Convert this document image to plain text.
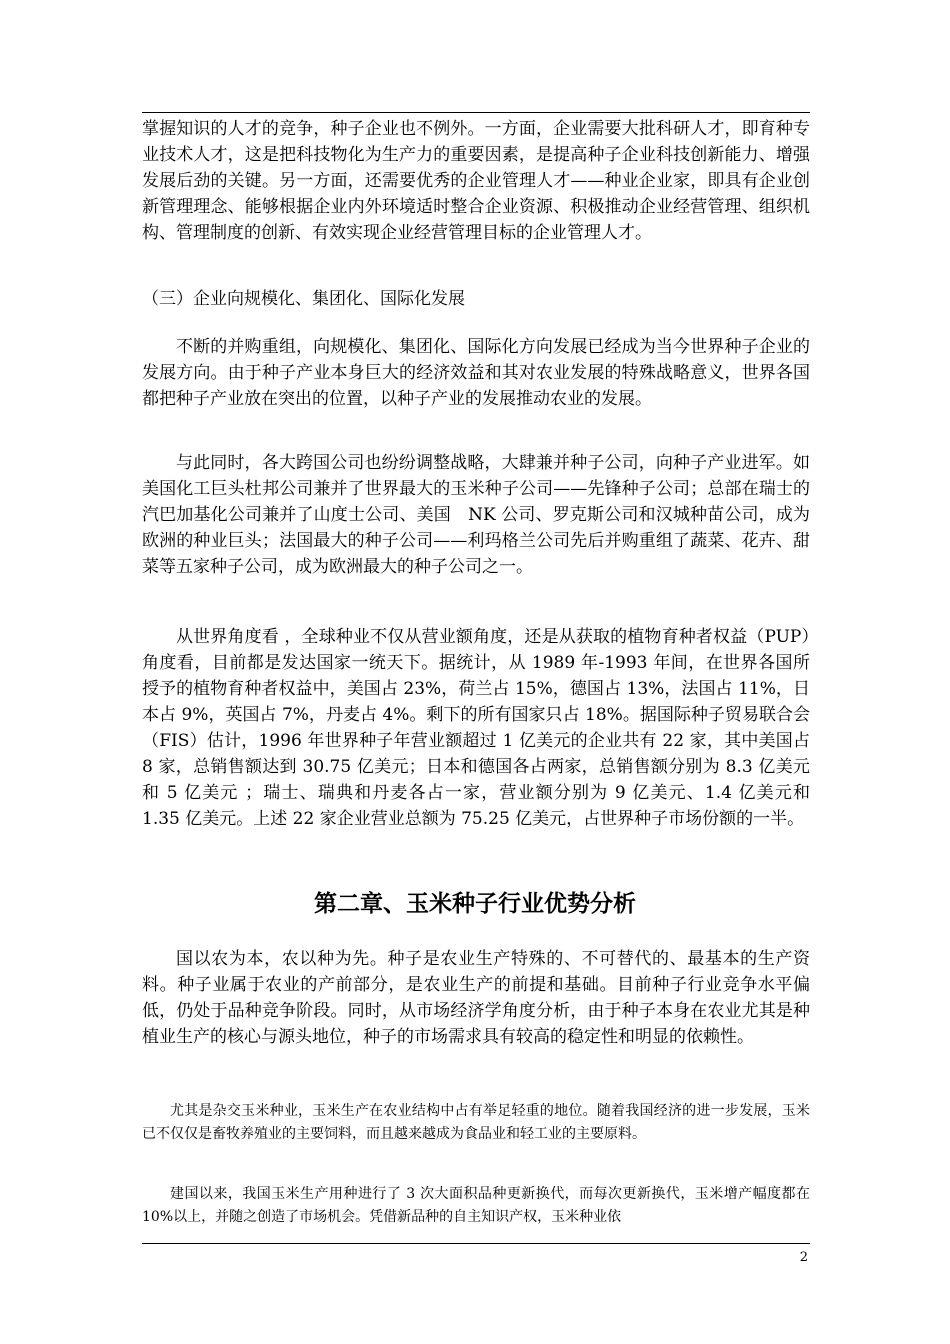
掌握知识的人才的竞争，种子企业也不例外。一方面，企业需要大批科研人才，即育种专业技术人才，这是把科技物化为生产力的重要因素，是提高种子企业科技创新能力、增强发展后劲的关键。另一方面，还需要优秀的企业管理人才——种业企业家，即具有企业创新管理理念、能够根据企业内外环境适时整合企业资源、积极推动企业经营管理、组织机构、管理制度的创新、有效实现企业经营管理目标的企业管理人才。

（三）企业向规模化、集团化、国际化发展

不断的并购重组，向规模化、集团化、国际化方向发展已经成为当今世界种子企业的发展方向。由于种子产业本身巨大的经济效益和其对农业发展的特殊战略意义，世界各国都把种子产业放在突出的位置，以种子产业的发展推动农业的发展。

与此同时，各大跨国公司也纷纷调整战略，大肆兼并种子公司，向种子产业进军。如美国化工巨头杜邦公司兼并了世界最大的玉米种子公司——先锋种子公司；总部在瑞士的汽巴加基化公司兼并了山度士公司、美国　NK 公司、罗克斯公司和汉城种苗公司，成为欧洲的种业巨头；法国最大的种子公司——利玛格兰公司先后并购重组了蔬菜、花卉、甜菜等五家种子公司，成为欧洲最大的种子公司之一。

从世界角度看 ，全球种业不仅从营业额角度，还是从获取的植物育种者权益（PUP）角度看，目前都是发达国家一统天下。据统计，从 1989 年-1993 年间，在世界各国所授予的植物育种者权益中，美国占 23%，荷兰占 15%，德国占 13%，法国占 11%，日本占 9%，英国占 7%，丹麦占 4%。剩下的所有国家只占 18%。据国际种子贸易联合会（FIS）估计，1996 年世界种子年营业额超过 1 亿美元的企业共有 22 家，其中美国占 8 家，总销售额达到 30.75 亿美元；日本和德国各占两家，总销售额分别为 8.3 亿美元和 5 亿美元 ；瑞士、瑞典和丹麦各占一家，营业额分别为 9 亿美元、1.4 亿美元和 1.35 亿美元。上述 22 家企业营业总额为 75.25 亿美元，占世界种子市场份额的一半。

第二章、玉米种子行业优势分析

国以农为本，农以种为先。种子是农业生产特殊的、不可替代的、最基本的生产资料。种子业属于农业的产前部分，是农业生产的前提和基础。目前种子行业竞争水平偏低，仍处于品种竞争阶段。同时，从市场经济学角度分析，由于种子本身在农业尤其是种植业生产的核心与源头地位，种子的市场需求具有较高的稳定性和明显的依赖性。

尤其是杂交玉米种业，玉米生产在农业结构中占有举足轻重的地位。随着我国经济的进一步发展，玉米已不仅仅是畜牧养殖业的主要饲料，而且越来越成为食品业和轻工业的主要原料。

建国以来，我国玉米生产用种进行了 3 次大面积品种更新换代，而每次更新换代，玉米增产幅度都在 10%以上，并随之创造了市场机会。凭借新品种的自主知识产权，玉米种业依

2
